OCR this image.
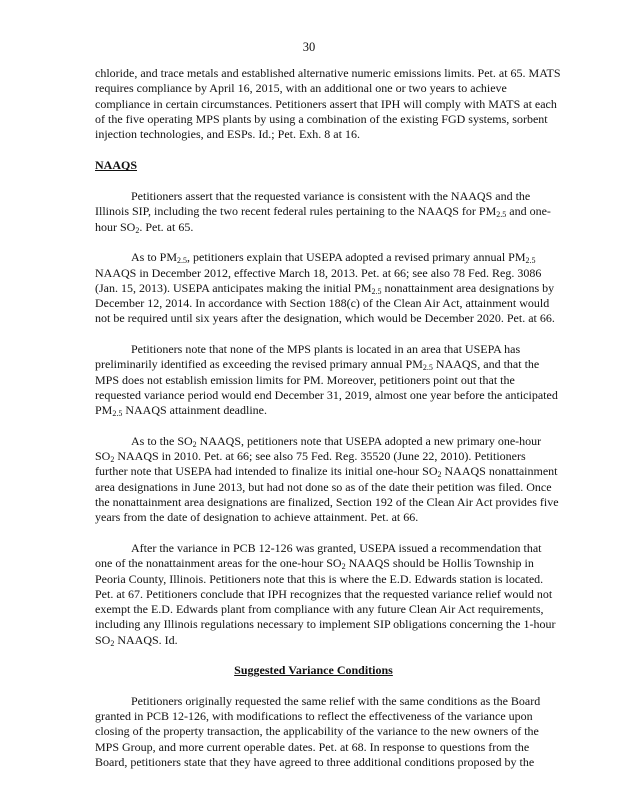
30

chloride, and trace metals and established alternative numeric emissions limits. Pet. at 65. MATS
requires compliance by April 16, 2015, with an additional one or two years to achieve
compliance in certain circumstances. Petitioners assert that IPH will comply with MATS at each
of the five operating MPS plants by using a combination of the existing FGD systems, sorbent
injection technologies, and ESPs. Id.; Pet. Exh. 8 at 16.

NAAQS

Petitioners assert that the requested variance is consistent with the NAAQS and the
Illinois SIP, including the two recent federal rules pertaining to the NAAQS for $PM_{2.5}$ and one-
hour $SO_2$. Pet. at 65.

As to $PM_{2.5}$, petitioners explain that USEPA adopted a revised primary annual $PM_{2.5}$
NAAQS in December 2012, effective March 18, 2013. Pet. at 66; see also 78 Fed. Reg. 3086
(Jan. 15, 2013). USEPA anticipates making the initial $PM_{2.5}$ nonattainment area designations by
December 12, 2014. In accordance with Section 188(c) of the Clean Air Act, attainment would
not be required until six years after the designation, which would be December 2020. Pet. at 66.

Petitioners note that none of the MPS plants is located in an area that USEPA has
preliminarily identified as exceeding the revised primary annual $PM_{2.5}$ NAAQS, and that the
MPS does not establish emission limits for PM. Moreover, petitioners point out that the
requested variance period would end December 31, 2019, almost one year before the anticipated
$PM_{2.5}$ NAAQS attainment deadline.

As to the $SO_2$ NAAQS, petitioners note that USEPA adopted a new primary one-hour
$SO_2$ NAAQS in 2010. Pet. at 66; see also 75 Fed. Reg. 35520 (June 22, 2010). Petitioners
further note that USEPA had intended to finalize its initial one-hour $SO_2$ NAAQS nonattainment
area designations in June 2013, but had not done so as of the date their petition was filed. Once
the nonattainment area designations are finalized, Section 192 of the Clean Air Act provides five
years from the date of designation to achieve attainment. Pet. at 66.

After the variance in PCB 12-126 was granted, USEPA issued a recommendation that
one of the nonattainment areas for the one-hour $SO_2$ NAAQS should be Hollis Township in
Peoria County, Illinois. Petitioners note that this is where the E.D. Edwards station is located.
Pet. at 67. Petitioners conclude that IPH recognizes that the requested variance relief would not
exempt the E.D. Edwards plant from compliance with any future Clean Air Act requirements,
including any Illinois regulations necessary to implement SIP obligations concerning the 1-hour
$SO_2$ NAAQS. Id.

Suggested Variance Conditions

Petitioners originally requested the same relief with the same conditions as the Board
granted in PCB 12-126, with modifications to reflect the effectiveness of the variance upon
closing of the property transaction, the applicability of the variance to the new owners of the
MPS Group, and more current operable dates. Pet. at 68. In response to questions from the
Board, petitioners state that they have agreed to three additional conditions proposed by the
